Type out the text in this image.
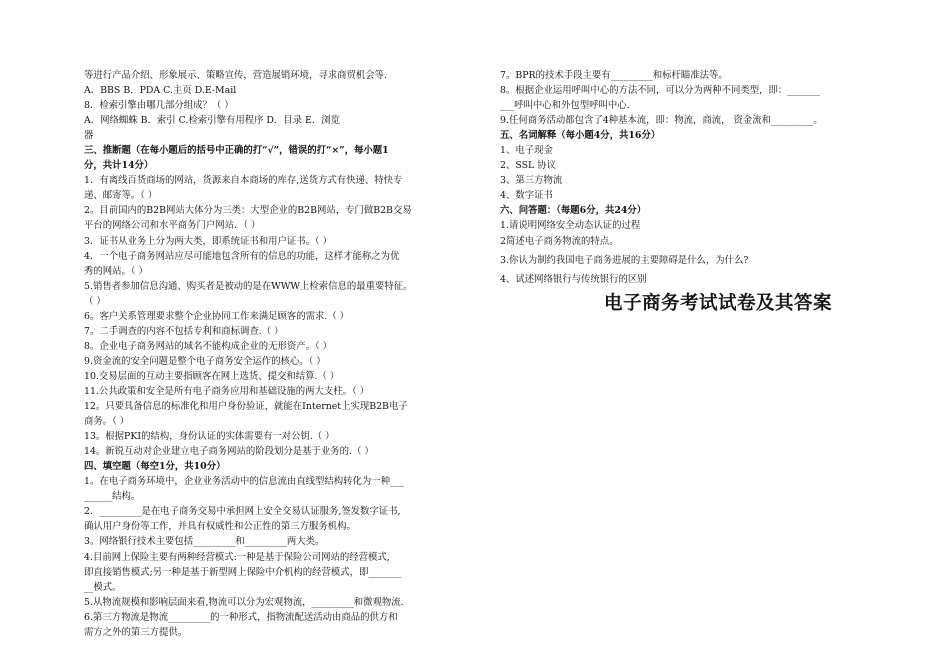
等进行产品介绍、形象展示、策略宣传，营造展销环境，寻求商贸机会等.
A．BBS B．PDA C.主页 D.E-Mail
8．检索引擎由哪几部分组成？（ ）
A．网络蜘蛛 B．索引 C.检索引擎有用程序 D．目录 E．浏览
器
三、推断题（在每小题后的括号中正确的打“√”，错误的打“×”，每小题1
分，共计14分）
1．有离线百货商场的网站，货源来自本商场的库存,送货方式有快递、特快专
递、邮寄等。（ ）
2。目前国内的B2B网站大体分为三类：大型企业的B2B网站，专门做B2B交易
平台的网络公司和水平商务门户网站．（ ）
3．证书从业务上分为两大类，即系统证书和用户证书。（ ）
4．一个电子商务网站应尽可能地包含所有的信息的功能，这样才能称之为优
秀的网站。（ ）
5.销售者参加信息沟通、购买者是被动的是在WWW上检索信息的最重要特征。
（ ）
6。客户关系管理要求整个企业协同工作来满足顾客的需求.（ ）
7。二手调查的内容不包括专利和商标调查.（ ）
8。企业电子商务网站的域名不能构成企业的无形资产。（ ）
9.资金流的安全问题是整个电子商务安全运作的核心。（ ）
10.交易层面的互动主要指顾客在网上选货、提交和结算.（ ）
11.公共政策和安全是所有电子商务应用和基础设施的两大支柱。（ ）
12。只要具备信息的标准化和用户身份验证，就能在Internet上实现B2B电子
商务。（ ）
13。根据PKI的结构，身份认证的实体需要有一对公钥.（ ）
14。新锐互动对企业建立电子商务网站的阶段划分是基于业务的.（ ）
四、填空题（每空1分，共10分）
1。在电子商务环境中，企业业务活动中的信息流由直线型结构转化为一种___
______结构。
2．_________是在电子商务交易中承担网上安全交易认证服务,签发数字证书,
确认用户身份等工作，并具有权威性和公正性的第三方服务机构。
3。网络银行技术主要包括_________和_________两大类。
4.目前网上保险主要有两种经营模式:一种是基于保险公司网站的经营模式,
即直接销售模式;另一种是基于新型网上保险中介机构的经营模式，即_______
__模式。
5.从物流规模和影响层面来看,物流可以分为宏观物流，_________和微观物流.
6.第三方物流是物流_________的一种形式，指物流配送活动由商品的供方和
需方之外的第三方提供。
7。BPR的技术手段主要有_________和标杆瞄准法等。
8。根据企业运用呼叫中心的方法不同，可以分为两种不同类型，即：_______
___呼叫中心和外包型呼叫中心.
9.任何商务活动都包含了4种基本流，即：物流，商流， 资金流和_________。
五、名词解释（每小题4分，共16分）
1、电子现金
2、SSL 协议
3、第三方物流
4、数字证书
六、问答题：（每题6分，共24分）
1.请说明网络安全动态认证的过程
2简述电子商务物流的特点。
3.你认为制约我国电子商务进展的主要障碍是什么，为什么?
4、试述网络银行与传统银行的区别
电子商务考试试卷及其答案
